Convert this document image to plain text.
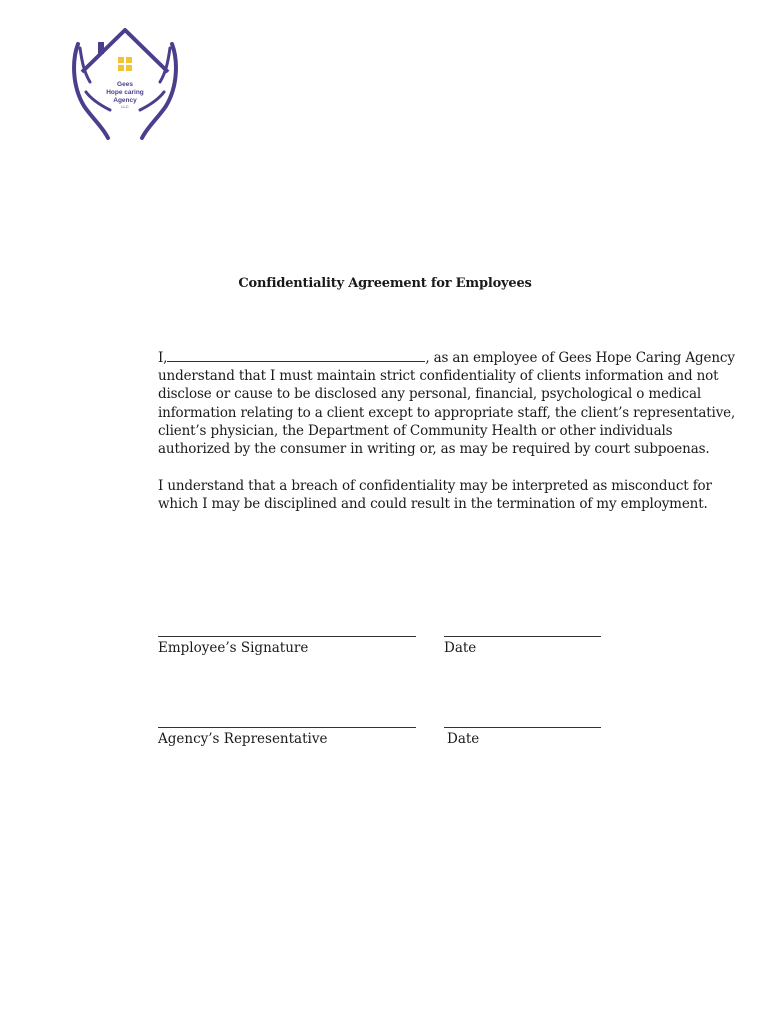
Gees
Hope caring
Agency
LLC
Confidentiality Agreement for Employees
I,	, as an employee of Gees Hope Caring Agency
understand that I must maintain strict confidentiality of clients information and not
disclose or cause to be disclosed any personal, financial, psychological o medical
information relating to a client except to appropriate staff, the client’s representative,
client’s physician, the Department of Community Health or other individuals
authorized by the consumer in writing or, as may be required by court subpoenas.
I understand that a breach of confidentiality may be interpreted as misconduct for
which I may be disciplined and could result in the termination of my employment.
Employee’s Signature	Date
Agency’s Representative	Date
